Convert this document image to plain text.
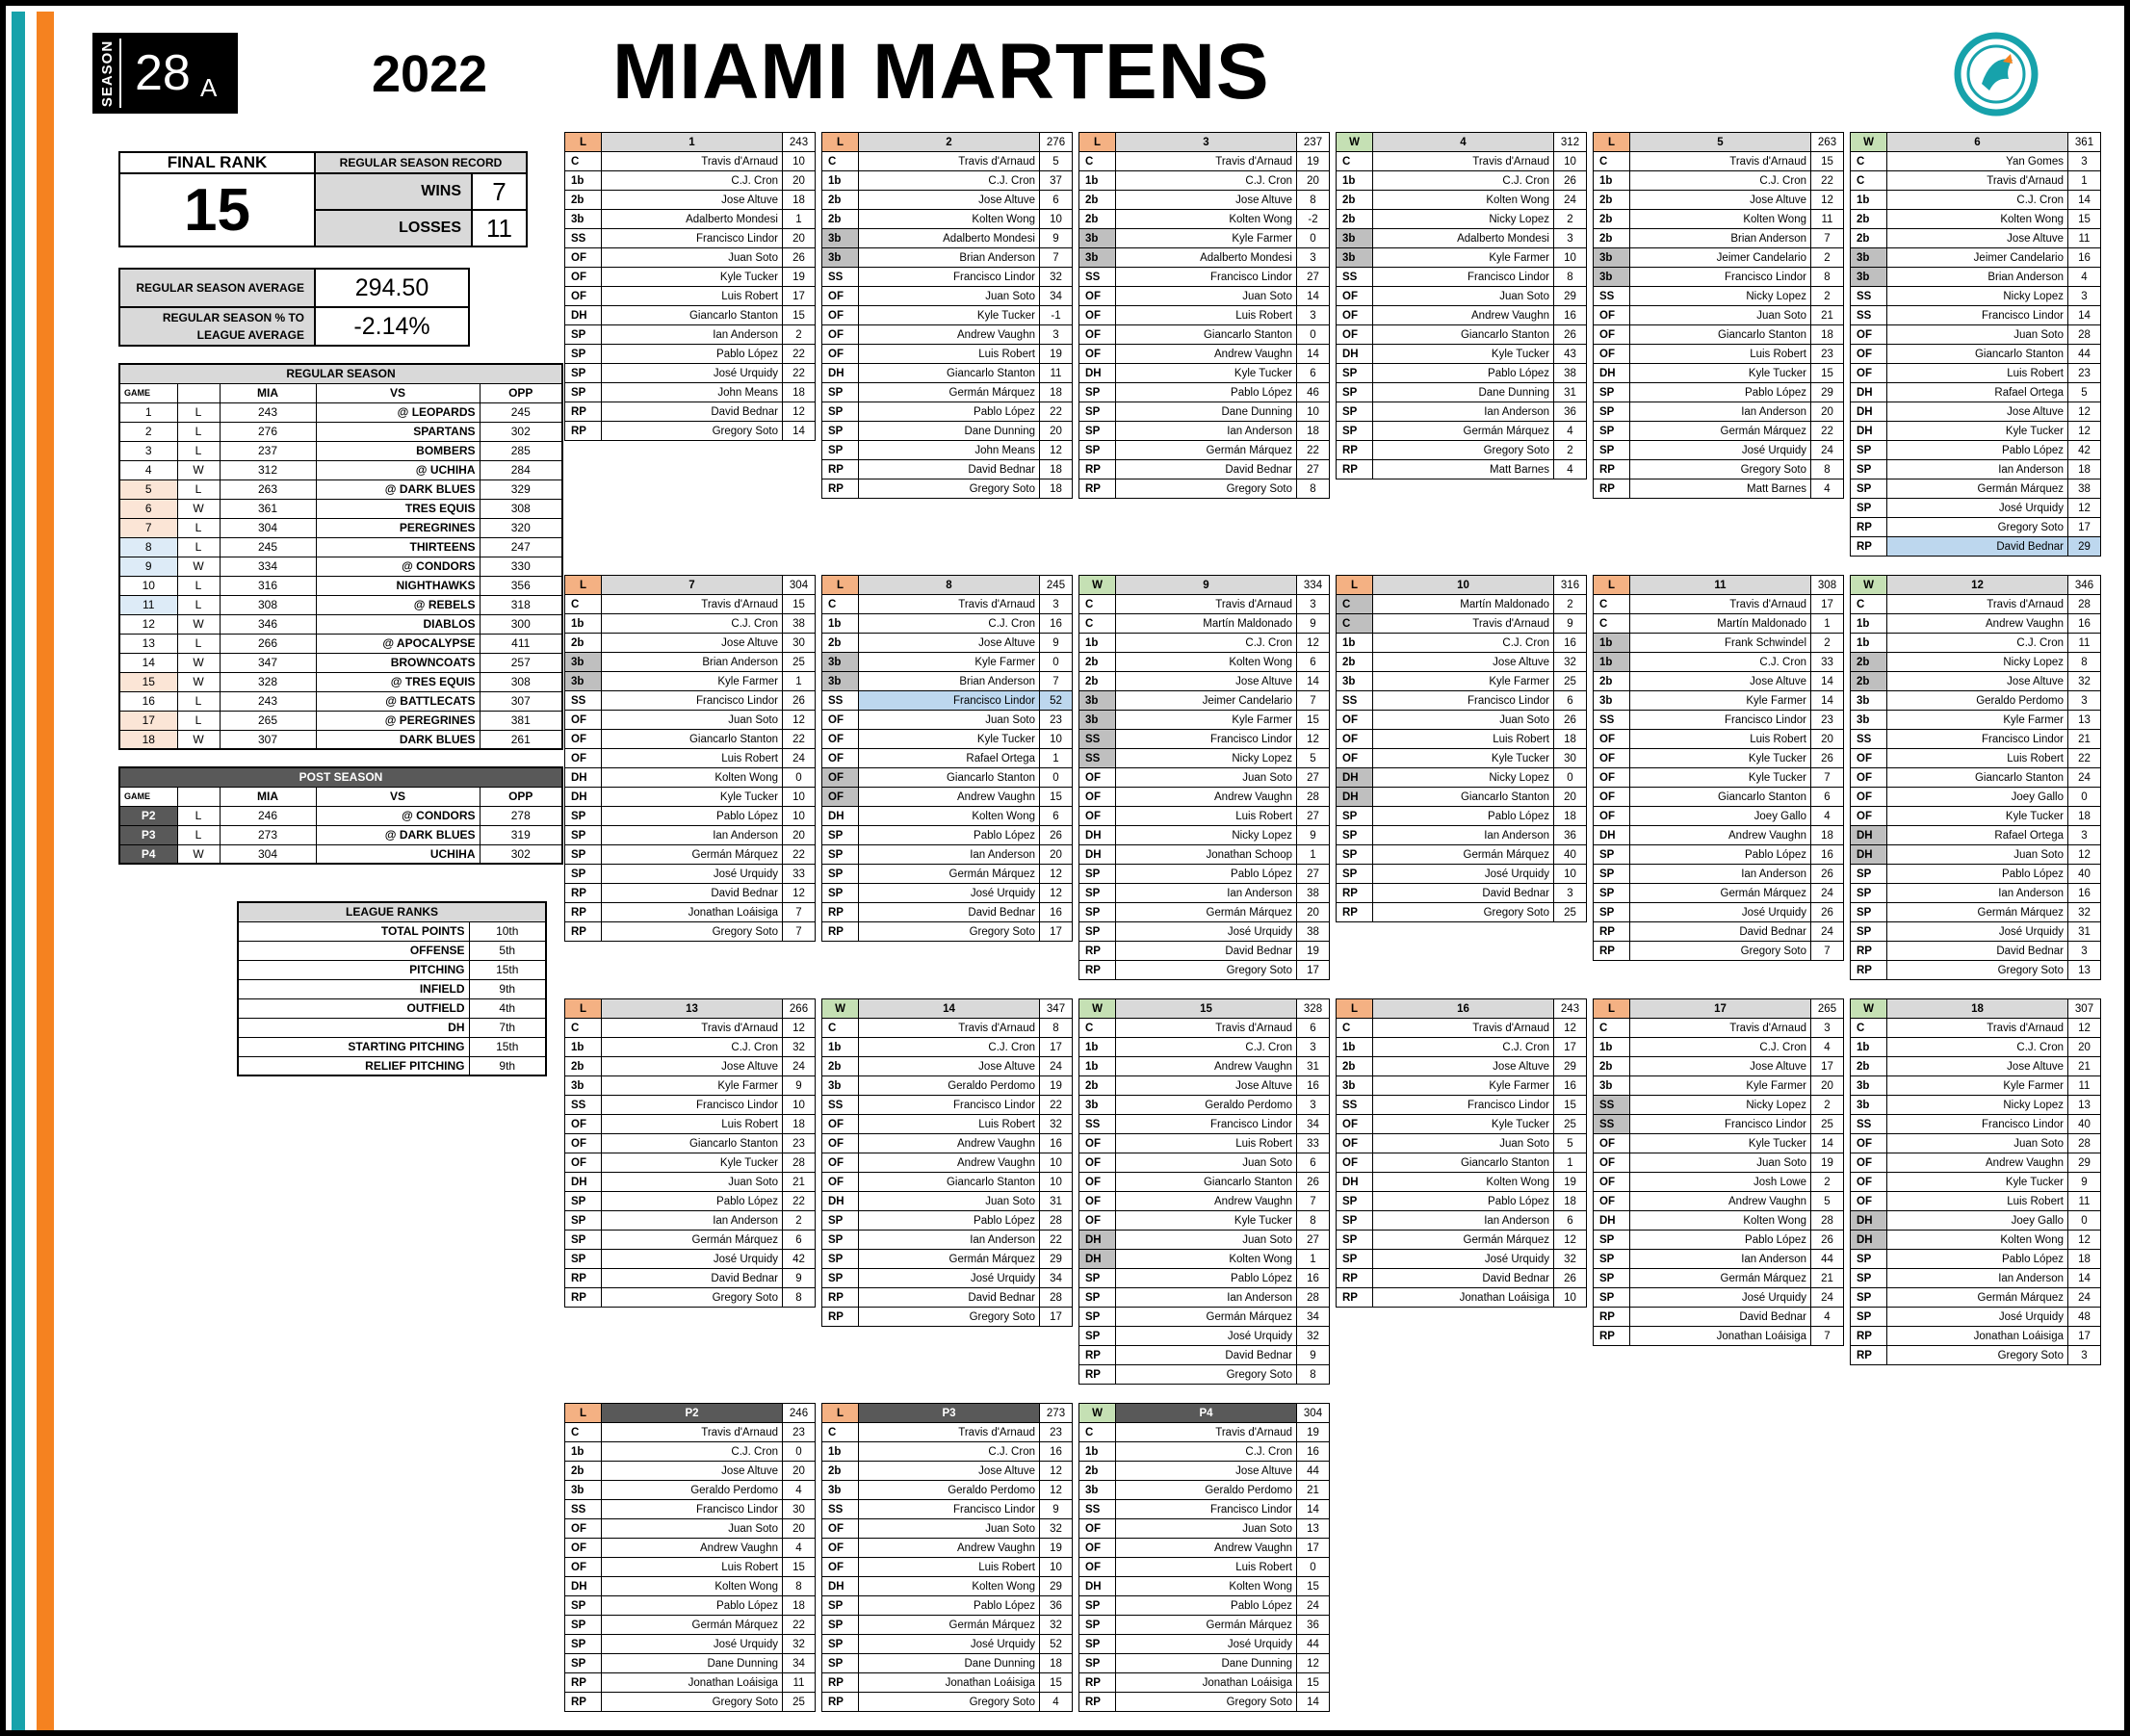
SEASON 28 A	2022 MIAMI MARTENS
FINAL RANK	REGULAR SEASON RECORD	
15	WINS	7
	LOSSES	11
REGULAR SEASON AVERAGE	294.50
REGULAR SEASON % TO LEAGUE AVERAGE	-2.14%
REGULAR SEASON				
GAME		MIA	VS	OPP
1	L	243	@ LEOPARDS	245
2	L	276	SPARTANS	302
3	L	237	BOMBERS	285
4	W	312	@ UCHIHA	284
5	L	263	@ DARK BLUES	329
6	W	361	TRES EQUIS	308
7	L	304	PEREGRINES	320
8	L	245	THIRTEENS	247
9	W	334	@ CONDORS	330
10	L	316	NIGHTHAWKS	356
11	L	308	@ REBELS	318
12	W	346	DIABLOS	300
13	L	266	@ APOCALYPSE	411
14	W	347	BROWNCOATS	257
15	W	328	@ TRES EQUIS	308
16	L	243	@ BATTLECATS	307
17	L	265	@ PEREGRINES	381
18	W	307	DARK BLUES	261
POST SEASON				
GAME		MIA	VS	OPP
P2	L	246	@ CONDORS	278
P3	L	273	@ DARK BLUES	319
P4	W	304	UCHIHA	302
LEAGUE RANKS	
TOTAL POINTS	10th
OFFENSE	5th
PITCHING	15th
INFIELD	9th
OUTFIELD	4th
DH	7th
STARTING PITCHING	15th
RELIEF PITCHING	9th
L	1	243
C	Travis d'Arnaud	10
1b	C.J. Cron	20
2b	Jose Altuve	18
3b	Adalberto Mondesi	1
SS	Francisco Lindor	20
OF	Juan Soto	26
OF	Kyle Tucker	19
OF	Luis Robert	17
DH	Giancarlo Stanton	15
SP	Ian Anderson	2
SP	Pablo López	22
SP	José Urquidy	22
SP	John Means	18
RP	David Bednar	12
RP	Gregory Soto	14
L	2	276
C	Travis d'Arnaud	5
1b	C.J. Cron	37
2b	Jose Altuve	6
2b	Kolten Wong	10
3b	Adalberto Mondesi	9
3b	Brian Anderson	7
SS	Francisco Lindor	32
OF	Juan Soto	34
OF	Kyle Tucker	-1
OF	Andrew Vaughn	3
OF	Luis Robert	19
DH	Giancarlo Stanton	11
SP	Germán Márquez	18
SP	Pablo López	22
SP	Dane Dunning	20
SP	John Means	12
RP	David Bednar	18
RP	Gregory Soto	18
L	3	237
C	Travis d'Arnaud	19
1b	C.J. Cron	20
2b	Jose Altuve	8
2b	Kolten Wong	-2
3b	Kyle Farmer	0
3b	Adalberto Mondesi	3
SS	Francisco Lindor	27
OF	Juan Soto	14
OF	Luis Robert	3
OF	Giancarlo Stanton	0
OF	Andrew Vaughn	14
DH	Kyle Tucker	6
SP	Pablo López	46
SP	Dane Dunning	10
SP	Ian Anderson	18
SP	Germán Márquez	22
RP	David Bednar	27
RP	Gregory Soto	8
W	4	312
C	Travis d'Arnaud	10
1b	C.J. Cron	26
2b	Kolten Wong	24
2b	Nicky Lopez	2
3b	Adalberto Mondesi	3
3b	Kyle Farmer	10
SS	Francisco Lindor	8
OF	Juan Soto	29
OF	Andrew Vaughn	16
OF	Giancarlo Stanton	26
DH	Kyle Tucker	43
SP	Pablo López	38
SP	Dane Dunning	31
SP	Ian Anderson	36
SP	Germán Márquez	4
RP	Gregory Soto	2
RP	Matt Barnes	4
L	5	263
C	Travis d'Arnaud	15
1b	C.J. Cron	22
2b	Jose Altuve	12
2b	Kolten Wong	11
2b	Brian Anderson	7
3b	Jeimer Candelario	2
3b	Francisco Lindor	8
SS	Nicky Lopez	2
OF	Juan Soto	21
OF	Giancarlo Stanton	18
OF	Luis Robert	23
DH	Kyle Tucker	15
SP	Pablo López	29
SP	Ian Anderson	20
SP	Germán Márquez	22
SP	José Urquidy	24
RP	Gregory Soto	8
RP	Matt Barnes	4
W	6	361
C	Yan Gomes	3
C	Travis d'Arnaud	1
1b	C.J. Cron	14
2b	Kolten Wong	15
2b	Jose Altuve	11
3b	Jeimer Candelario	16
3b	Brian Anderson	4
SS	Nicky Lopez	3
SS	Francisco Lindor	14
OF	Juan Soto	28
OF	Giancarlo Stanton	44
OF	Luis Robert	23
DH	Rafael Ortega	5
DH	Jose Altuve	12
DH	Kyle Tucker	12
SP	Pablo López	42
SP	Ian Anderson	18
SP	Germán Márquez	38
SP	José Urquidy	12
RP	Gregory Soto	17
RP	David Bednar	29
L	7	304
C	Travis d'Arnaud	15
1b	C.J. Cron	38
2b	Jose Altuve	30
3b	Brian Anderson	25
3b	Kyle Farmer	1
SS	Francisco Lindor	26
OF	Juan Soto	12
OF	Giancarlo Stanton	22
OF	Luis Robert	24
DH	Kolten Wong	0
DH	Kyle Tucker	10
SP	Pablo López	10
SP	Ian Anderson	20
SP	Germán Márquez	22
SP	José Urquidy	33
RP	David Bednar	12
RP	Jonathan Loáisiga	7
RP	Gregory Soto	7
L	8	245
C	Travis d'Arnaud	3
1b	C.J. Cron	16
2b	Jose Altuve	9
3b	Kyle Farmer	0
3b	Brian Anderson	7
SS	Francisco Lindor	52
OF	Juan Soto	23
OF	Kyle Tucker	10
OF	Rafael Ortega	1
OF	Giancarlo Stanton	0
OF	Andrew Vaughn	15
DH	Kolten Wong	6
SP	Pablo López	26
SP	Ian Anderson	20
SP	Germán Márquez	12
SP	José Urquidy	12
RP	David Bednar	16
RP	Gregory Soto	17
W	9	334
C	Travis d'Arnaud	3
C	Martín Maldonado	9
1b	C.J. Cron	12
2b	Kolten Wong	6
2b	Jose Altuve	14
3b	Jeimer Candelario	7
3b	Kyle Farmer	15
SS	Francisco Lindor	12
SS	Nicky Lopez	5
OF	Juan Soto	27
OF	Andrew Vaughn	28
OF	Luis Robert	27
DH	Nicky Lopez	9
DH	Jonathan Schoop	1
SP	Pablo López	27
SP	Ian Anderson	38
SP	Germán Márquez	20
SP	José Urquidy	38
RP	David Bednar	19
RP	Gregory Soto	17
L	10	316
C	Martín Maldonado	2
C	Travis d'Arnaud	9
1b	C.J. Cron	16
2b	Jose Altuve	32
3b	Kyle Farmer	25
SS	Francisco Lindor	6
OF	Juan Soto	26
OF	Luis Robert	18
OF	Kyle Tucker	30
DH	Nicky Lopez	0
DH	Giancarlo Stanton	20
SP	Pablo López	18
SP	Ian Anderson	36
SP	Germán Márquez	40
SP	José Urquidy	10
RP	David Bednar	3
RP	Gregory Soto	25
L	11	308
C	Travis d'Arnaud	17
C	Martín Maldonado	1
1b	Frank Schwindel	2
1b	C.J. Cron	33
2b	Jose Altuve	14
3b	Kyle Farmer	14
SS	Francisco Lindor	23
OF	Luis Robert	20
OF	Kyle Tucker	26
OF	Kyle Tucker	7
OF	Giancarlo Stanton	6
OF	Joey Gallo	4
DH	Andrew Vaughn	18
SP	Pablo López	16
SP	Ian Anderson	26
SP	Germán Márquez	24
SP	José Urquidy	26
RP	David Bednar	24
RP	Gregory Soto	7
W	12	346
C	Travis d'Arnaud	28
1b	Andrew Vaughn	16
1b	C.J. Cron	11
2b	Nicky Lopez	8
2b	Jose Altuve	32
3b	Geraldo Perdomo	3
3b	Kyle Farmer	13
SS	Francisco Lindor	21
OF	Luis Robert	22
OF	Giancarlo Stanton	24
OF	Joey Gallo	0
OF	Kyle Tucker	18
DH	Rafael Ortega	3
DH	Juan Soto	12
SP	Pablo López	40
SP	Ian Anderson	16
SP	Germán Márquez	32
SP	José Urquidy	31
RP	David Bednar	3
RP	Gregory Soto	13
L	13	266
C	Travis d'Arnaud	12
1b	C.J. Cron	32
2b	Jose Altuve	24
3b	Kyle Farmer	9
SS	Francisco Lindor	10
OF	Luis Robert	18
OF	Giancarlo Stanton	23
OF	Kyle Tucker	28
DH	Juan Soto	21
SP	Pablo López	22
SP	Ian Anderson	2
SP	Germán Márquez	6
SP	José Urquidy	42
RP	David Bednar	9
RP	Gregory Soto	8
W	14	347
C	Travis d'Arnaud	8
1b	C.J. Cron	17
2b	Jose Altuve	24
3b	Geraldo Perdomo	19
SS	Francisco Lindor	22
OF	Luis Robert	32
OF	Andrew Vaughn	16
OF	Andrew Vaughn	10
OF	Giancarlo Stanton	10
DH	Juan Soto	31
SP	Pablo López	28
SP	Ian Anderson	22
SP	Germán Márquez	29
SP	José Urquidy	34
RP	David Bednar	28
RP	Gregory Soto	17
W	15	328
C	Travis d'Arnaud	6
1b	C.J. Cron	3
1b	Andrew Vaughn	31
2b	Jose Altuve	16
3b	Geraldo Perdomo	3
SS	Francisco Lindor	34
OF	Luis Robert	33
OF	Juan Soto	6
OF	Giancarlo Stanton	26
OF	Andrew Vaughn	7
OF	Kyle Tucker	8
DH	Juan Soto	27
DH	Kolten Wong	1
SP	Pablo López	16
SP	Ian Anderson	28
SP	Germán Márquez	34
SP	José Urquidy	32
RP	David Bednar	9
RP	Gregory Soto	8
L	16	243
C	Travis d'Arnaud	12
1b	C.J. Cron	17
2b	Jose Altuve	29
3b	Kyle Farmer	16
SS	Francisco Lindor	15
OF	Kyle Tucker	25
OF	Juan Soto	5
OF	Giancarlo Stanton	1
DH	Kolten Wong	19
SP	Pablo López	18
SP	Ian Anderson	6
SP	Germán Márquez	12
SP	José Urquidy	32
RP	David Bednar	26
RP	Jonathan Loáisiga	10
L	17	265
C	Travis d'Arnaud	3
1b	C.J. Cron	4
2b	Jose Altuve	17
3b	Kyle Farmer	20
SS	Nicky Lopez	2
SS	Francisco Lindor	25
OF	Kyle Tucker	14
OF	Juan Soto	19
OF	Josh Lowe	2
OF	Andrew Vaughn	5
DH	Kolten Wong	28
SP	Pablo López	26
SP	Ian Anderson	44
SP	Germán Márquez	21
SP	José Urquidy	24
RP	David Bednar	4
RP	Jonathan Loáisiga	7
W	18	307
C	Travis d'Arnaud	12
1b	C.J. Cron	20
2b	Jose Altuve	21
3b	Kyle Farmer	11
3b	Nicky Lopez	13
SS	Francisco Lindor	40
OF	Juan Soto	28
OF	Andrew Vaughn	29
OF	Kyle Tucker	9
OF	Luis Robert	11
DH	Joey Gallo	0
DH	Kolten Wong	12
SP	Pablo López	18
SP	Ian Anderson	14
SP	Germán Márquez	24
SP	José Urquidy	48
RP	Jonathan Loáisiga	17
RP	Gregory Soto	3
L	P2	246
C	Travis d'Arnaud	23
1b	C.J. Cron	0
2b	Jose Altuve	20
3b	Geraldo Perdomo	4
SS	Francisco Lindor	30
OF	Juan Soto	20
OF	Andrew Vaughn	4
OF	Luis Robert	15
DH	Kolten Wong	8
SP	Pablo López	18
SP	Germán Márquez	22
SP	José Urquidy	32
SP	Dane Dunning	34
RP	Jonathan Loáisiga	11
RP	Gregory Soto	25
L	P3	273
C	Travis d'Arnaud	23
1b	C.J. Cron	16
2b	Jose Altuve	12
3b	Geraldo Perdomo	12
SS	Francisco Lindor	9
OF	Juan Soto	32
OF	Andrew Vaughn	19
OF	Luis Robert	10
DH	Kolten Wong	29
SP	Pablo López	36
SP	Germán Márquez	32
SP	José Urquidy	52
SP	Dane Dunning	18
RP	Jonathan Loáisiga	15
RP	Gregory Soto	4
W	P4	304
C	Travis d'Arnaud	19
1b	C.J. Cron	16
2b	Jose Altuve	44
3b	Geraldo Perdomo	21
SS	Francisco Lindor	14
OF	Juan Soto	13
OF	Andrew Vaughn	17
OF	Luis Robert	0
DH	Kolten Wong	15
SP	Pablo López	24
SP	Germán Márquez	36
SP	José Urquidy	44
SP	Dane Dunning	12
RP	Jonathan Loáisiga	15
RP	Gregory Soto	14
